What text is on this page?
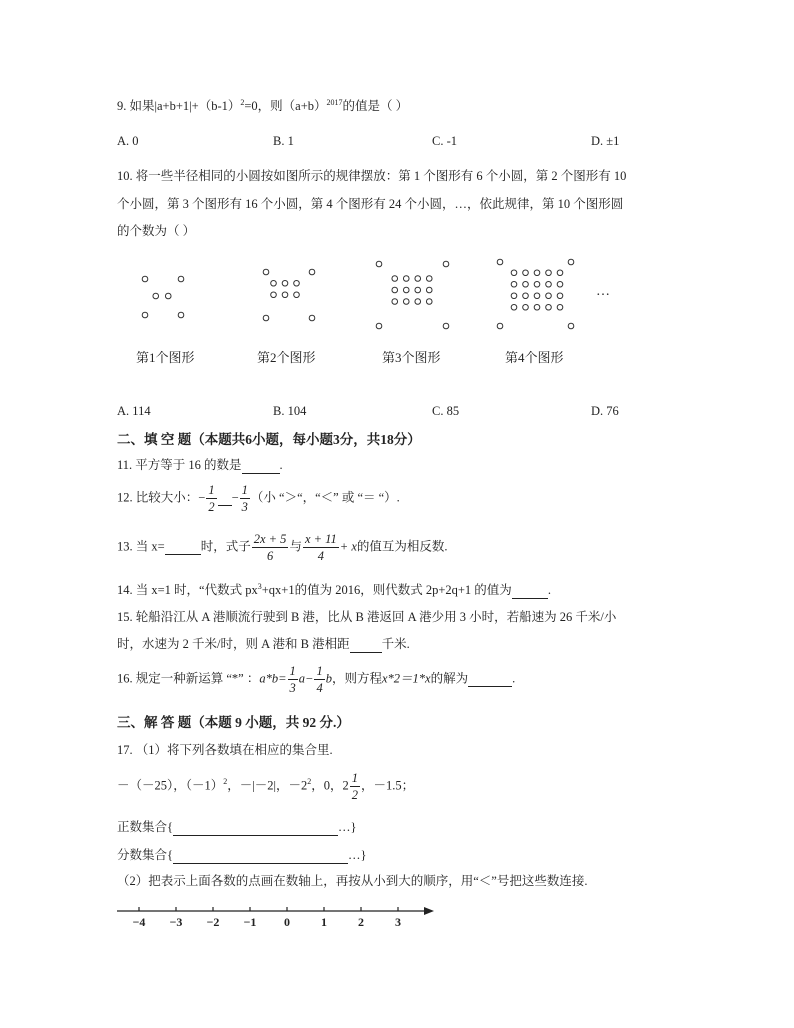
9. 如果$|a+b+1|+(b-1)^2=0$，则$(a+b)^{2017}$的值是（ ）
A. 0	B. 1	C. -1	D. ±1
10. 将一些半径相同的小圆按如图所示的规律摆放：第 1 个图形有 6 个小圆，第 2 个图形有 10
个小圆，第 3 个图形有 16 个小圆，第 4 个图形有 24 个小圆，…，依此规律，第 10 个图形圆
的个数为（ ）
…
第1个图形	第2个图形	第3个图形	第4个图形
A. 114	B. 104	C. 85	D. 76
二、填 空 题（本题共6小题，每小题3分，共18分）
11. 平方等于 16 的数是	.
12. 比较大小：− $\frac{1}{2} - \frac{1}{3}$ （小 “＞“，“＜” 或 “＝ “）.
13. 当 x=	时，式子 $\frac{2x + 5}{6}$ 与 $\frac{x + 11}{4} + x$的值互为相反数.
14. 当 x=1 时，“代数式 $px^3+qx+1$的值为 2016，则代数式 2p+2q+1 的值为	.
15. 轮船沿江从 A 港顺流行驶到 B 港，比从 B 港返回 A 港少用 3 小时，若船速为 26 千米/小
时，水速为 2 千米/时，则 A 港和 B 港相距	千米.
16. 规定一种新运算 “*” ：$a*b= \frac{1}{3} a- \frac{1}{4}$ b，则方程x*2＝1*x的解为	.
三、解 答 题（本题 9 小题，共 92 分.）
17. （1）将下列各数填在相应的集合里.
－（－25），$(-1)^2$，－|－2|，$-2^2$，0，$2 \frac{1}{2}$ ，－1.5；
正数集合{	…}
分数集合{	…}
（2）把表示上面各数的点画在数轴上，再按从小到大的顺序，用“＜”号把这些数连接.
−4 −3 −2 −1 0	1	2	3
